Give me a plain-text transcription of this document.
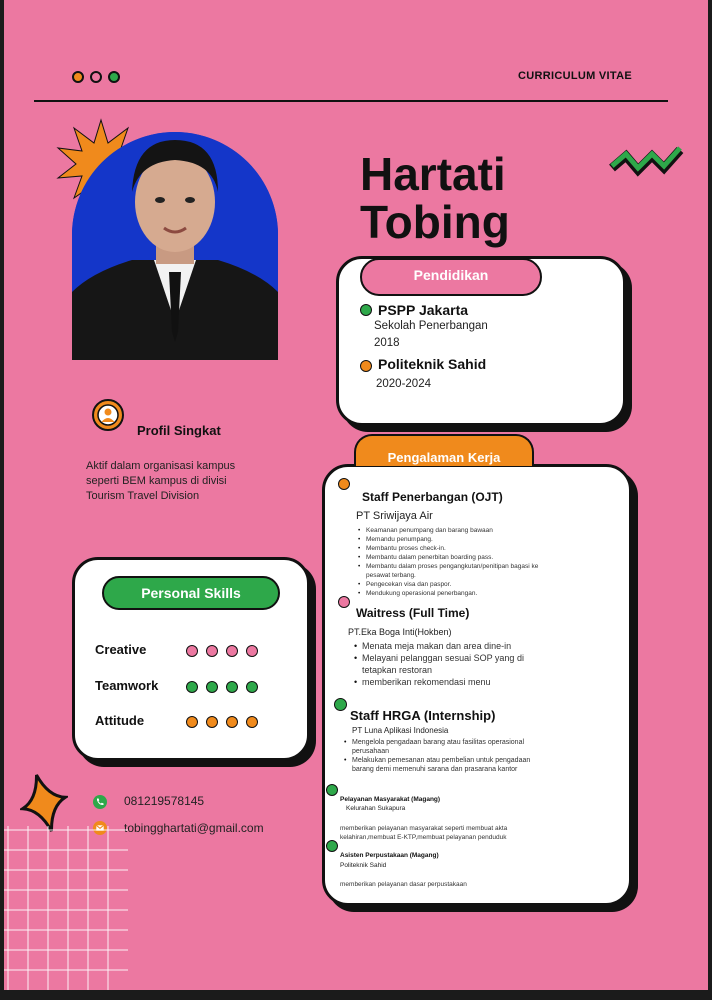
CURRICULUM VITAE
Hartati
Tobing
Pendidikan
PSPP Jakarta
Sekolah Penerbangan
2018
Politeknik Sahid
2020-2024
Profil Singkat
Aktif dalam organisasi kampus seperti BEM kampus di divisi Tourism Travel Division
Pengalaman Kerja
Staff Penerbangan (OJT)
PT Sriwijaya Air
• Keamanan penumpang dan barang bawaan
• Memandu penumpang.
• Membantu proses check-in.
• Membantu dalam penerbitan boarding pass.
• Membantu dalam proses pengangkutan/penitipan bagasi ke pesawat terbang.
• Pengecekan visa dan paspor.
• Mendukung operasional penerbangan.
Waitress (Full Time)
PT.Eka Boga Inti(Hokben)
• Menata meja makan dan area dine-in
• Melayani pelanggan sesuai SOP yang di tetapkan restoran
• memberikan rekomendasi menu
Staff HRGA (Internship)
PT Luna Aplikasi Indonesia
• Mengelola pengadaan barang atau fasilitas operasional perusahaan
• Melakukan pemesanan atau pembelian untuk pengadaan barang demi memenuhi sarana dan prasarana kantor
Pelayanan Masyarakat (Magang)
Kelurahan Sukapura
memberikan pelayanan masyarakat seperti membuat akta kelahiran,membuat E-KTP,membuat pelayanan penduduk
Asisten Perpustakaan (Magang)
Politeknik Sahid
memberikan pelayanan dasar perpustakaan
Personal Skills
081219578145
tobingghartati@gmail.com
Creative
Teamwork
Attitude
